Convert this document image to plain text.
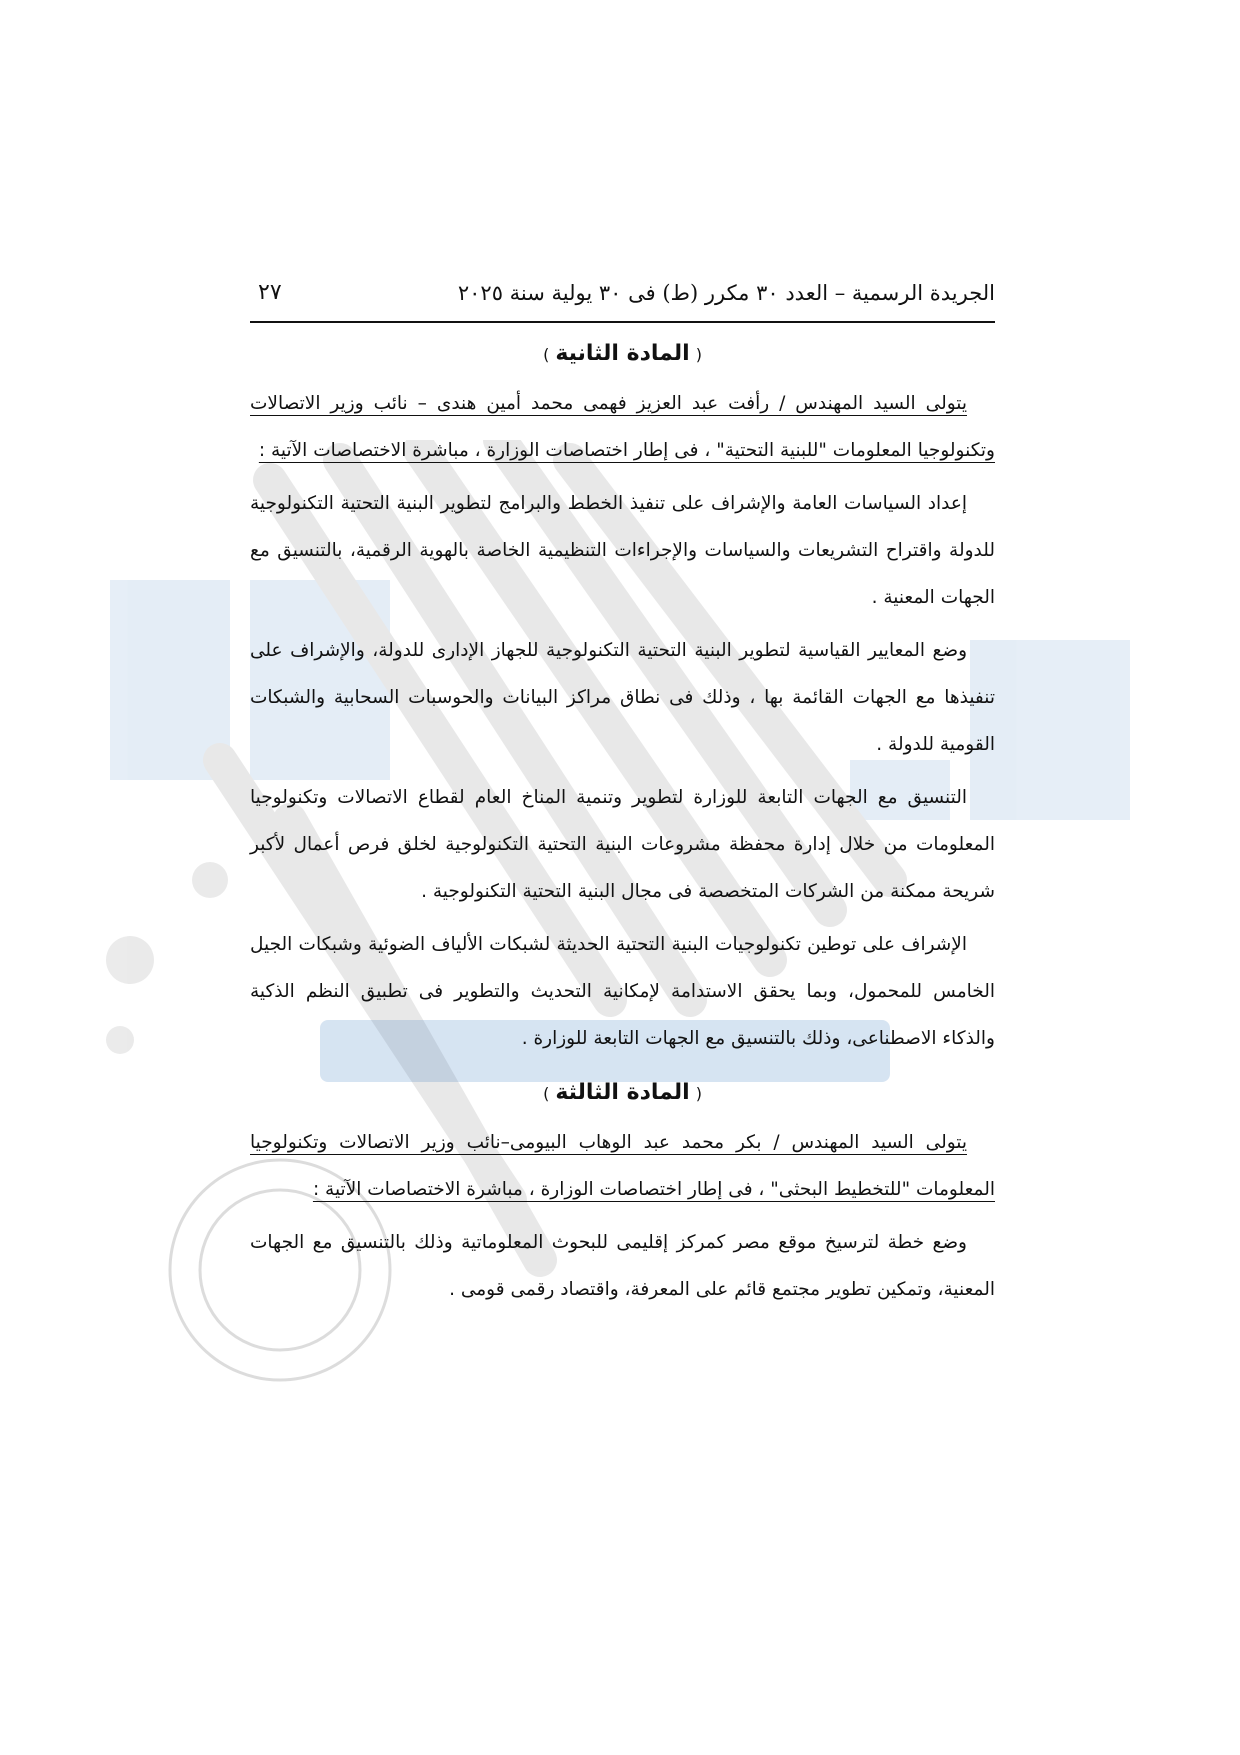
الجريدة الرسمية – العدد ٣٠ مكرر (ط) فى ٣٠ يولية سنة ٢٠٢٥
٢٧
(المادة الثانية)

يتولى السيد المهندس / رأفت عبد العزيز فهمى محمد أمين هندى – نائب وزير الاتصالات وتكنولوجيا المعلومات "للبنية التحتية" ، فى إطار اختصاصات الوزارة ، مباشرة الاختصاصات الآتية :

إعداد السياسات العامة والإشراف على تنفيذ الخطط والبرامج لتطوير البنية التحتية التكنولوجية للدولة واقتراح التشريعات والسياسات والإجراءات التنظيمية الخاصة بالهوية الرقمية، بالتنسيق مع الجهات المعنية .

وضع المعايير القياسية لتطوير البنية التحتية التكنولوجية للجهاز الإدارى للدولة، والإشراف على تنفيذها مع الجهات القائمة بها ، وذلك فى نطاق مراكز البيانات والحوسبات السحابية والشبكات القومية للدولة .

التنسيق مع الجهات التابعة للوزارة لتطوير وتنمية المناخ العام لقطاع الاتصالات وتكنولوجيا المعلومات من خلال إدارة محفظة مشروعات البنية التحتية التكنولوجية لخلق فرص أعمال لأكبر شريحة ممكنة من الشركات المتخصصة فى مجال البنية التحتية التكنولوجية .

الإشراف على توطين تكنولوجيات البنية التحتية الحديثة لشبكات الألياف الضوئية وشبكات الجيل الخامس للمحمول، وبما يحقق الاستدامة لإمكانية التحديث والتطوير فى تطبيق النظم الذكية والذكاء الاصطناعى، وذلك بالتنسيق مع الجهات التابعة للوزارة .

(المادة الثالثة)

يتولى السيد المهندس / بكر محمد عبد الوهاب البيومى–نائب وزير الاتصالات وتكنولوجيا المعلومات "للتخطيط البحثى" ، فى إطار اختصاصات الوزارة ، مباشرة الاختصاصات الآتية :

وضع خطة لترسيخ موقع مصر كمركز إقليمى للبحوث المعلوماتية وذلك بالتنسيق مع الجهات المعنية، وتمكين تطوير مجتمع قائم على المعرفة، واقتصاد رقمى قومى .
